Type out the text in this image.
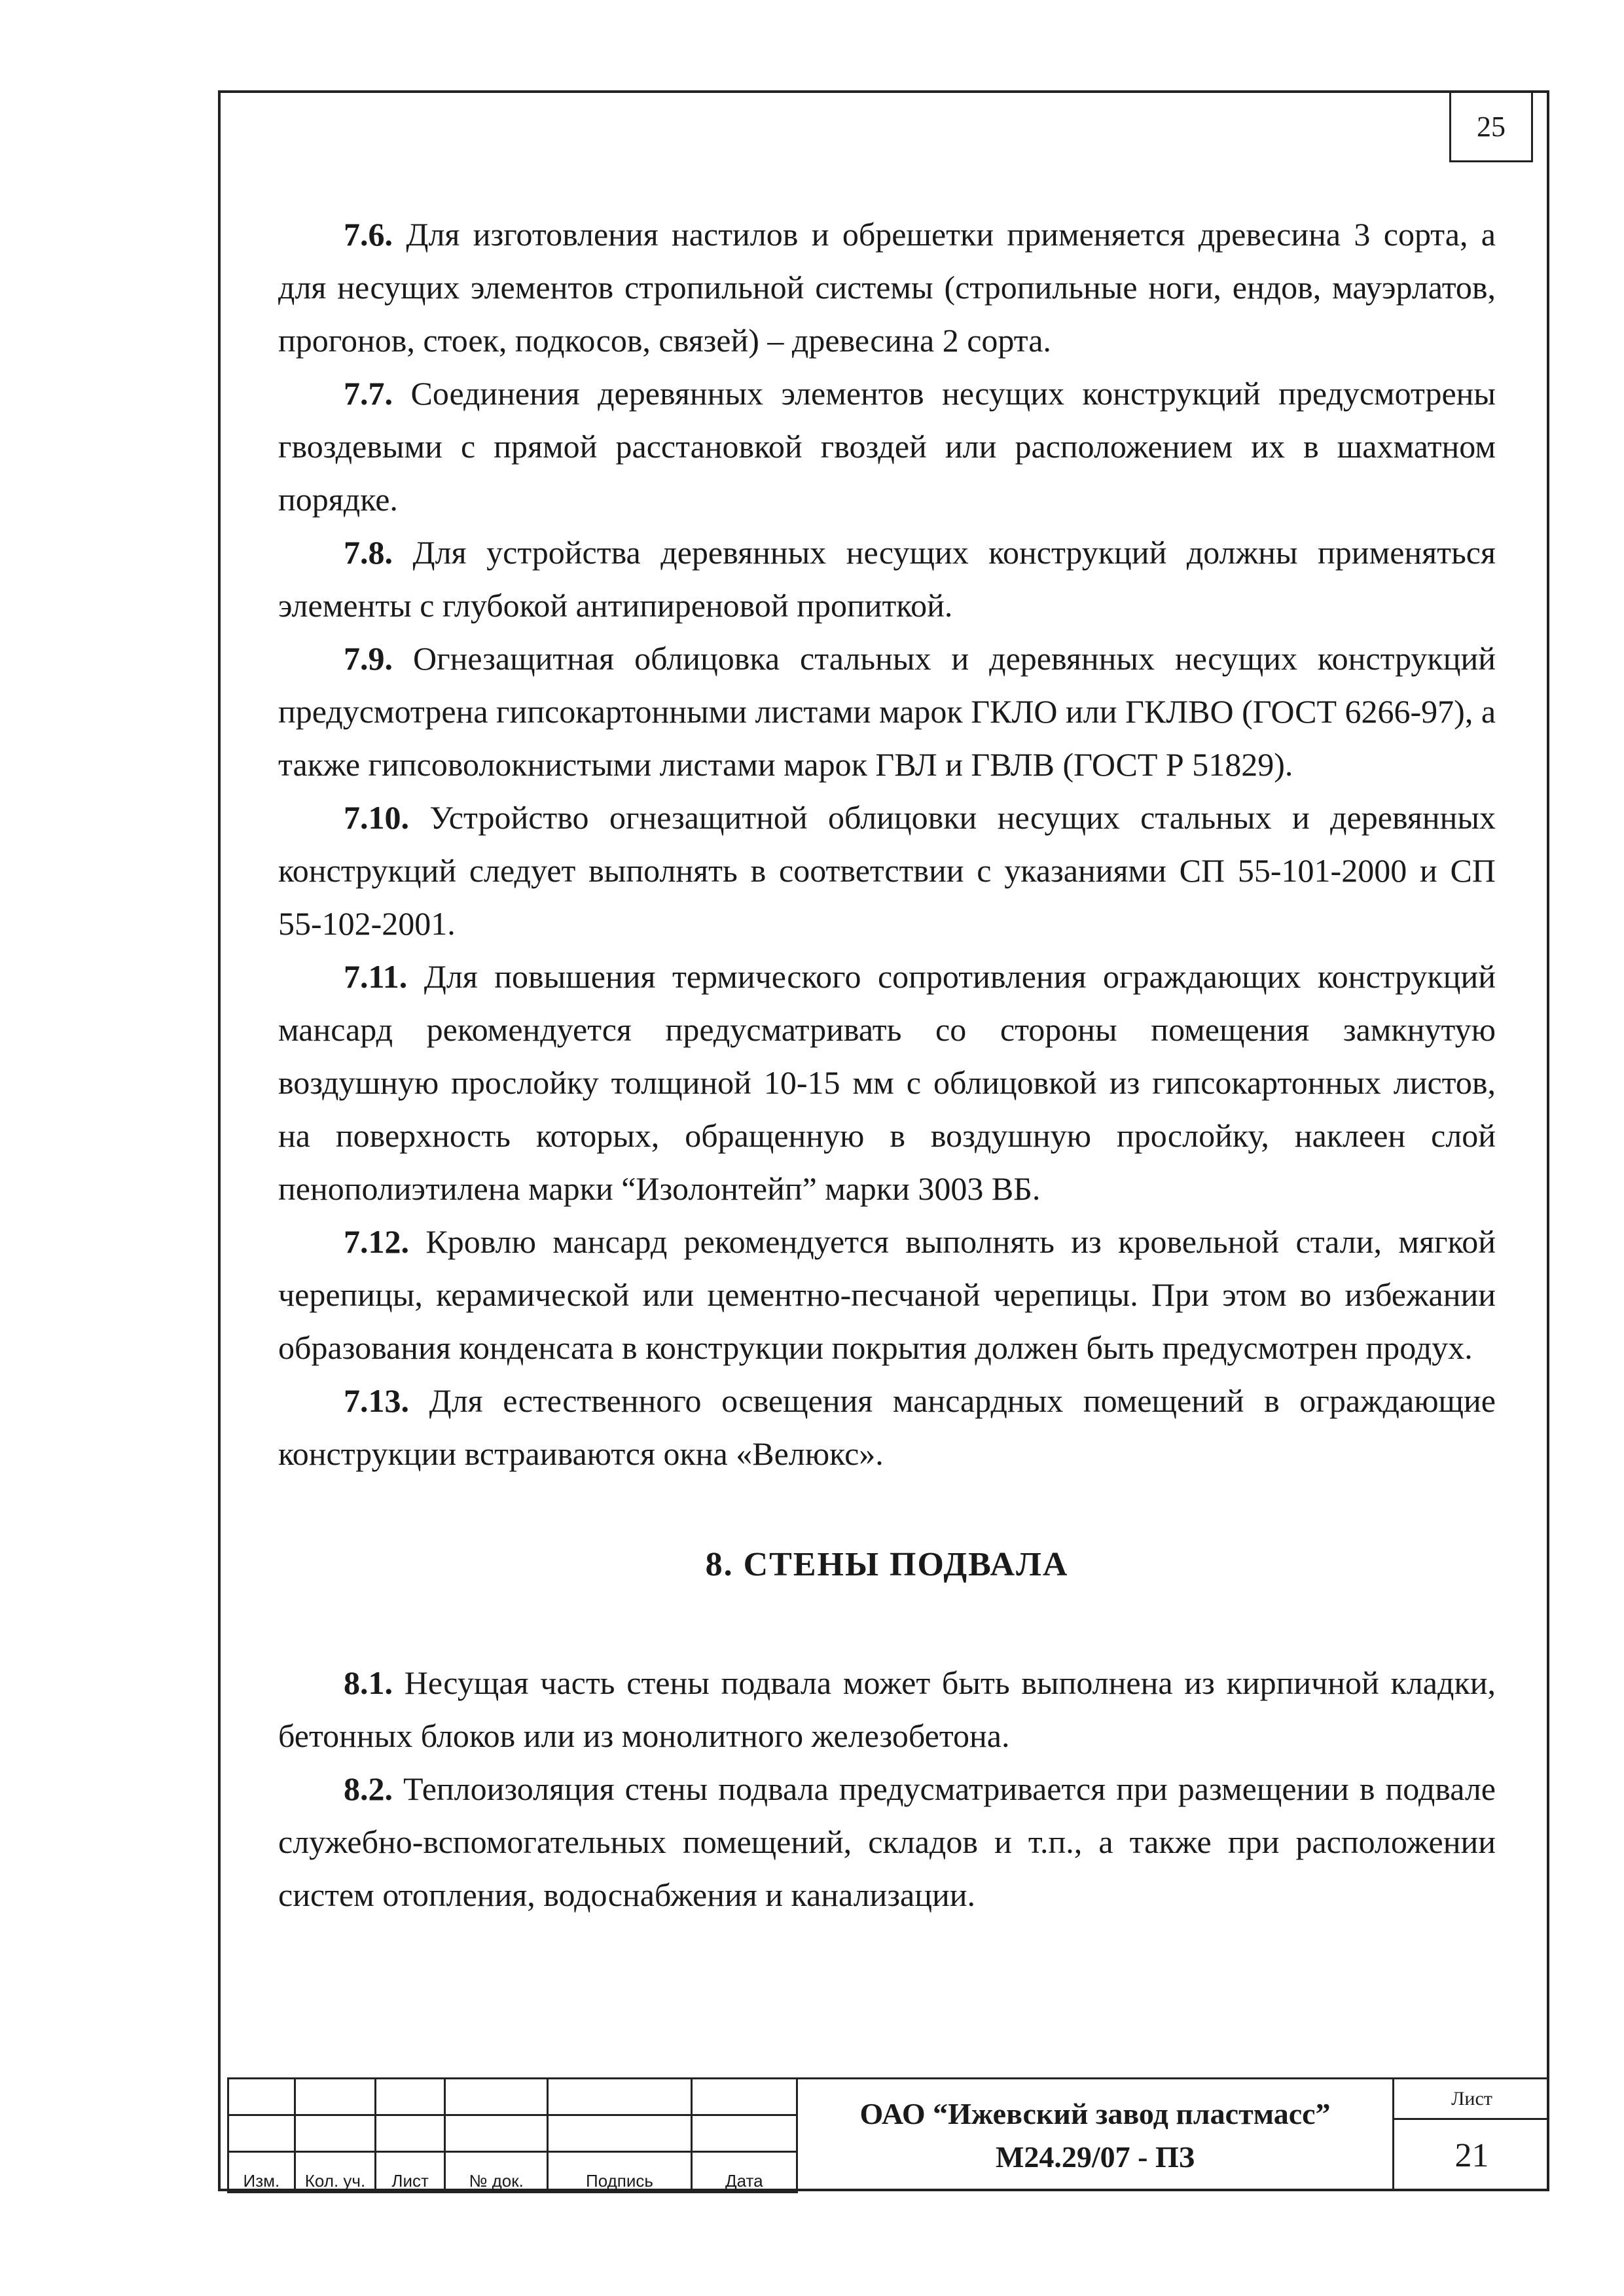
25

7.6. Для изготовления настилов и обрешетки применяется древесина 3 сорта, а для несущих элементов стропильной системы (стропильные ноги, ендов, мауэрлатов, прогонов, стоек, подкосов, связей) – древесина 2 сорта.

7.7. Соединения деревянных элементов несущих конструкций предусмотрены гвоздевыми с прямой расстановкой гвоздей или расположением их в шахматном порядке.

7.8. Для устройства деревянных несущих конструкций должны применяться элементы с глубокой антипиреновой пропиткой.

7.9. Огнезащитная облицовка стальных и деревянных несущих конструкций предусмотрена гипсокартонными листами марок ГКЛО или ГКЛВО (ГОСТ 6266-97), а также гипсоволокнистыми листами марок ГВЛ и ГВЛВ (ГОСТ Р 51829).

7.10. Устройство огнезащитной облицовки несущих стальных и деревянных конструкций следует выполнять в соответствии с указаниями СП 55-101-2000 и СП 55-102-2001.

7.11. Для повышения термического сопротивления ограждающих конструкций мансард рекомендуется предусматривать со стороны помещения замкнутую воздушную прослойку толщиной 10-15 мм с облицовкой из гипсокартонных листов, на поверхность которых, обращенную в воздушную прослойку, наклеен слой пенополиэтилена марки “Изолонтейп” марки 3003 ВБ.

7.12. Кровлю мансард рекомендуется выполнять из кровельной стали, мягкой черепицы, керамической или цементно-песчаной черепицы. При этом во избежании образования конденсата в конструкции покрытия должен быть предусмотрен продух.

7.13. Для естественного освещения мансардных помещений в ограждающие конструкции встраиваются окна «Велюкс».

8. СТЕНЫ ПОДВАЛА

8.1. Несущая часть стены подвала может быть выполнена из кирпичной кладки, бетонных блоков или из монолитного железобетона.

8.2. Теплоизоляция стены подвала предусматривается при размещении в подвале служебно-вспомогательных помещений, складов и т.п., а также при расположении систем отопления, водоснабжения и канализации.

Изм.	Кол. уч.	Лист	№ док.	Подпись	Дата
ОАО “Ижевский завод пластмасс”
М24.29/07 - ПЗ
Лист
21
